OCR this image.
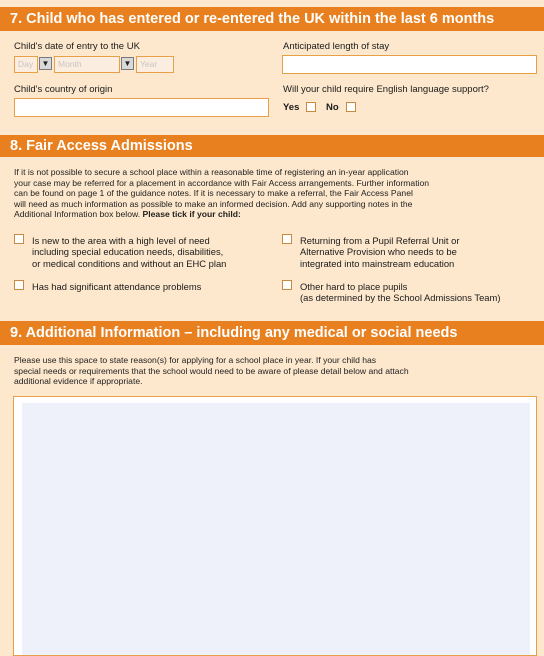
7. Child who has entered or re-entered the UK within the last 6 months
Child's date of entry to the UK
Day	▼	Month	▼	Year
Anticipated length of stay
Child's country of origin	Will your child require English language support?
Yes	No
8. Fair Access Admissions
If it is not possible to secure a school place within a reasonable time of registering an in-year application
your case may be referred for a placement in accordance with Fair Access arrangements. Further information
can be found on page 1 of the guidance notes. If it is necessary to make a referral, the Fair Access Panel
will need as much information as possible to make an informed decision. Add any supporting notes in the
Additional Information box below. Please tick if your child:
Is new to the area with a high level of need
including special education needs, disabilities,
or medical conditions and without an EHC plan
Returning from a Pupil Referral Unit or
Alternative Provision who needs to be
integrated into mainstream education
Has had significant attendance problems	Other hard to place pupils
(as determined by the School Admissions Team)
9. Additional Information – including any medical or social needs
Please use this space to state reason(s) for applying for a school place in year. If your child has
special needs or requirements that the school would need to be aware of please detail below and attach
additional evidence if appropriate.
